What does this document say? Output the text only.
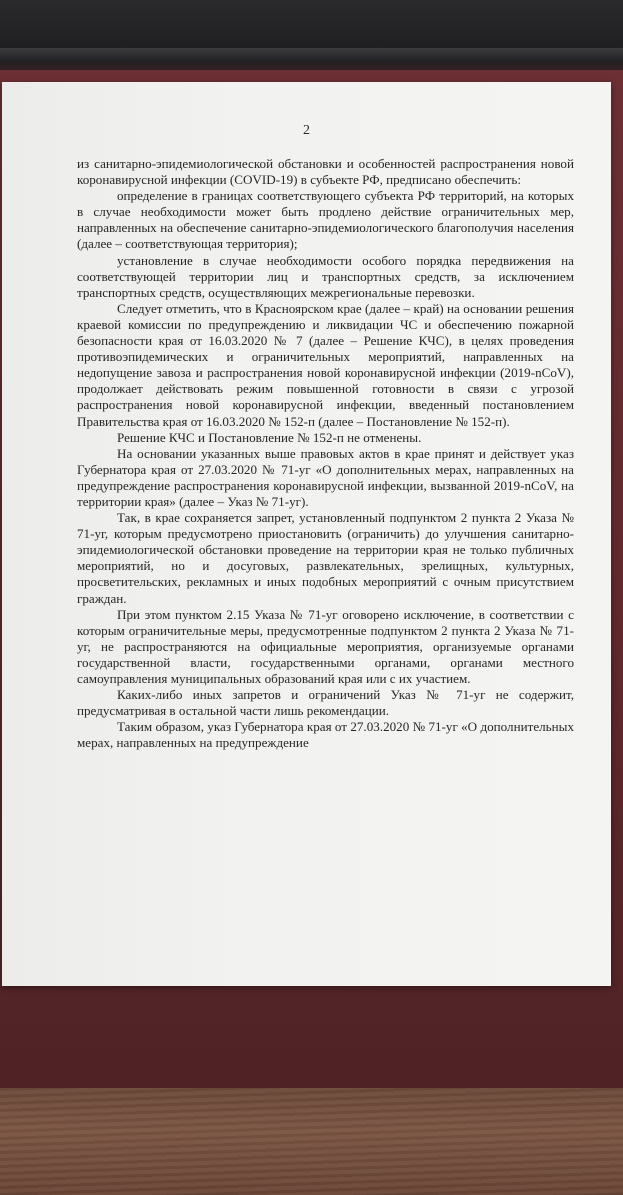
2

из санитарно-эпидемиологической обстановки и особенностей распространения новой коронавирусной инфекции (COVID-19) в субъекте РФ, предписано обеспечить:

определение в границах соответствующего субъекта РФ территорий, на которых в случае необходимости может быть продлено действие ограничительных мер, направленных на обеспечение санитарно-эпидемиологического благополучия населения (далее – соответствующая территория);

установление в случае необходимости особого порядка передвижения на соответствующей территории лиц и транспортных средств, за исключением транспортных средств, осуществляющих межрегиональные перевозки.

Следует отметить, что в Красноярском крае (далее – край) на основании решения краевой комиссии по предупреждению и ликвидации ЧС и обеспечению пожарной безопасности края от 16.03.2020 № 7 (далее – Решение КЧС), в целях проведения противоэпидемических и ограничительных мероприятий, направленных на недопущение завоза и распространения новой коронавирусной инфекции (2019-nCoV), продолжает действовать режим повышенной готовности в связи с угрозой распространения новой коронавирусной инфекции, введенный постановлением Правительства края от 16.03.2020 № 152-п (далее – Постановление № 152-п).

Решение КЧС и Постановление № 152-п не отменены.

На основании указанных выше правовых актов в крае принят и действует указ Губернатора края от 27.03.2020 № 71-уг «О дополнительных мерах, направленных на предупреждение распространения коронавирусной инфекции, вызванной 2019-nCoV, на территории края» (далее – Указ № 71-уг).

Так, в крае сохраняется запрет, установленный подпунктом 2 пункта 2 Указа № 71-уг, которым предусмотрено приостановить (ограничить) до улучшения санитарно-эпидемиологической обстановки проведение на территории края не только публичных мероприятий, но и досуговых, развлекательных, зрелищных, культурных, просветительских, рекламных и иных подобных мероприятий с очным присутствием граждан.

При этом пунктом 2.15 Указа № 71-уг оговорено исключение, в соответствии с которым ограничительные меры, предусмотренные подпунктом 2 пункта 2 Указа № 71-уг, не распространяются на официальные мероприятия, организуемые органами государственной власти, государственными органами, органами местного самоуправления муниципальных образований края или с их участием.

Каких-либо иных запретов и ограничений Указ № 71-уг не содержит, предусматривая в остальной части лишь рекомендации.

Таким образом, указ Губернатора края от 27.03.2020 № 71-уг «О дополнительных мерах, направленных на предупреждение
